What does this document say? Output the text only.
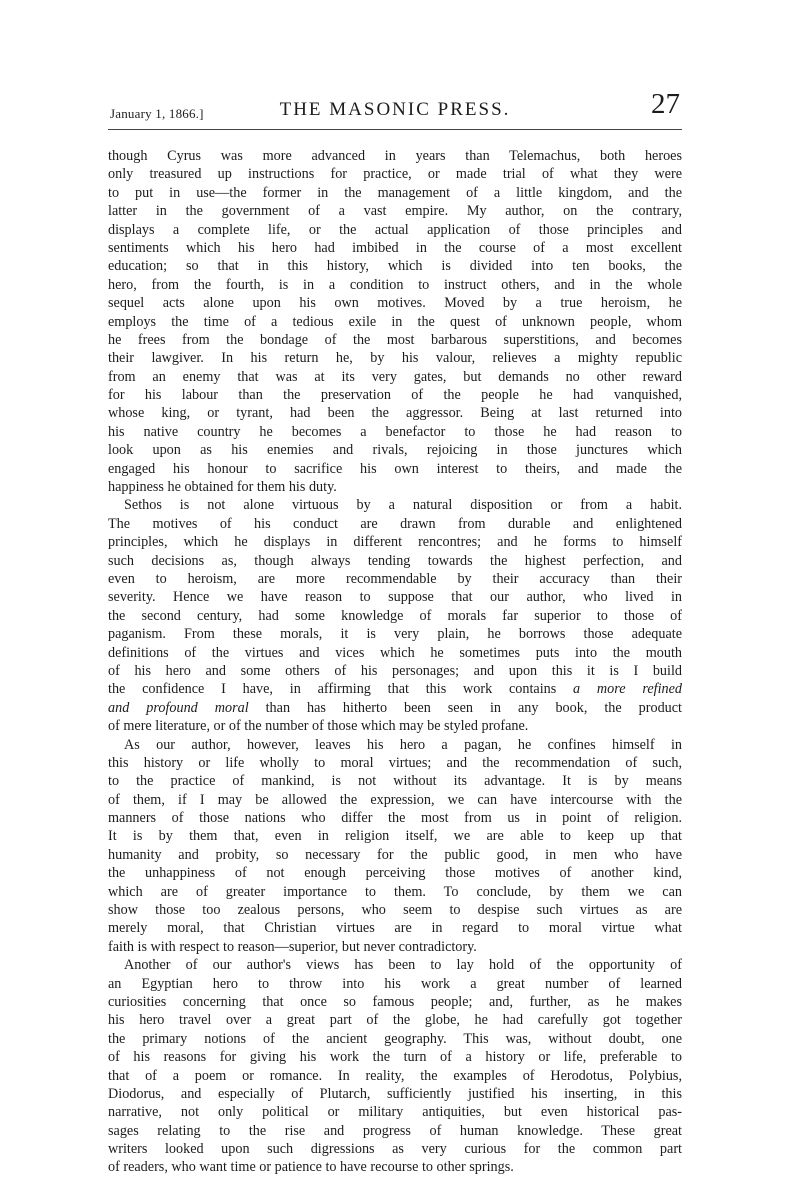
January 1, 1866.]	THE MASONIC PRESS.	27
though Cyrus was more advanced in years than Telemachus, both heroes
only treasured up instructions for practice, or made trial of what they were
to put in use—the former in the management of a little kingdom, and the
latter in the government of a vast empire. My author, on the contrary,
displays a complete life, or the actual application of those principles and
sentiments which his hero had imbibed in the course of a most excellent
education; so that in this history, which is divided into ten books, the
hero, from the fourth, is in a condition to instruct others, and in the whole
sequel acts alone upon his own motives. Moved by a true heroism, he
employs the time of a tedious exile in the quest of unknown people, whom
he frees from the bondage of the most barbarous superstitions, and becomes
their lawgiver. In his return he, by his valour, relieves a mighty republic
from an enemy that was at its very gates, but demands no other reward
for his labour than the preservation of the people he had vanquished,
whose king, or tyrant, had been the aggressor. Being at last returned into
his native country he becomes a benefactor to those he had reason to
look upon as his enemies and rivals, rejoicing in those junctures which
engaged his honour to sacrifice his own interest to theirs, and made the
happiness he obtained for them his duty.
Sethos is not alone virtuous by a natural disposition or from a habit.
The motives of his conduct are drawn from durable and enlightened
principles, which he displays in different rencontres; and he forms to himself
such decisions as, though always tending towards the highest perfection, and
even to heroism, are more recommendable by their accuracy than their
severity. Hence we have reason to suppose that our author, who lived in
the second century, had some knowledge of morals far superior to those of
paganism. From these morals, it is very plain, he borrows those adequate
definitions of the virtues and vices which he sometimes puts into the mouth
of his hero and some others of his personages; and upon this it is I build
the confidence I have, in affirming that this work contains a more refined
and profound moral than has hitherto been seen in any book, the product
of mere literature, or of the number of those which may be styled profane.
As our author, however, leaves his hero a pagan, he confines himself in
this history or life wholly to moral virtues; and the recommendation of such,
to the practice of mankind, is not without its advantage. It is by means
of them, if I may be allowed the expression, we can have intercourse with the
manners of those nations who differ the most from us in point of religion.
It is by them that, even in religion itself, we are able to keep up that
humanity and probity, so necessary for the public good, in men who have
the unhappiness of not enough perceiving those motives of another kind,
which are of greater importance to them. To conclude, by them we can
show those too zealous persons, who seem to despise such virtues as are
merely moral, that Christian virtues are in regard to moral virtue what
faith is with respect to reason—superior, but never contradictory.
Another of our author's views has been to lay hold of the opportunity of
an Egyptian hero to throw into his work a great number of learned
curiosities concerning that once so famous people; and, further, as he makes
his hero travel over a great part of the globe, he had carefully got together
the primary notions of the ancient geography. This was, without doubt, one
of his reasons for giving his work the turn of a history or life, preferable to
that of a poem or romance. In reality, the examples of Herodotus, Polybius,
Diodorus, and especially of Plutarch, sufficiently justified his inserting, in this
narrative, not only political or military antiquities, but even historical pas-
sages relating to the rise and progress of human knowledge. These great
writers looked upon such digressions as very curious for the common part
of readers, who want time or patience to have recourse to other springs.
